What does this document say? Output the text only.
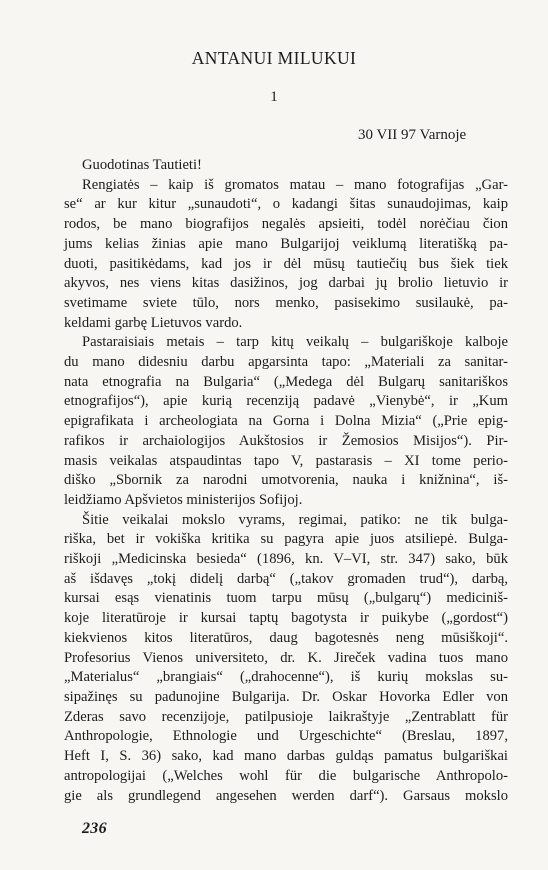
ANTANUI MILUKUI
1
30 VII 97 Varnoje

Guodotinas Tautieti!

Rengiatės – kaip iš gromatos matau – mano fotografijas „Gar-
se“ ar kur kitur „sunaudoti“, o kadangi šitas sunaudojimas, kaip
rodos, be mano biografijos negalės apsieiti, todėl norėčiau čion
jums kelias žinias apie mano Bulgarijoj veiklumą literatišką pa-
duoti, pasitikėdams, kad jos ir dėl mūsų tautiečių bus šiek tiek
akyvos, nes viens kitas dasižinos, jog darbai jų brolio lietuvio ir
svetimame sviete tūlo, nors menko, pasisekimo susilaukė, pa-
keldami garbę Lietuvos vardo.
Pastaraisiais metais – tarp kitų veikalų – bulgariškoje kalboje
du mano didesniu darbu apgarsinta tapo: „Materiali za sanitar-
nata etnografia na Bulgaria“ („Medega dėl Bulgarų sanitariškos
etnografijos“), apie kurią recenziją padavė „Vienybė“, ir „Kum
epigrafikata i archeologiata na Gorna i Dolna Mizia“ („Prie epig-
rafikos ir archaiologijos Aukštosios ir Žemosios Misijos“). Pir-
masis veikalas atspaudintas tapo V, pastarasis – XI tome perio-
diško „Sbornik za narodni umotvorenia, nauka i knižnina“, iš-
leidžiamo Apšvietos ministerijos Sofijoj.
Šitie veikalai mokslo vyrams, regimai, patiko: ne tik bulga-
riška, bet ir vokiška kritika su pagyra apie juos atsiliepė. Bulga-
riškoji „Medicinska besieda“ (1896, kn. V–VI, str. 347) sako, būk
aš išdavęs „tokį didelį darbą“ („takov gromaden trud“), darbą,
kursai esąs vienatinis tuom tarpu mūsų („bulgarų“) mediciniš-
koje literatūroje ir kursai taptų bagotysta ir puikybe („gordost“)
kiekvienos kitos literatūros, daug bagotesnės neng mūsiškoji“.
Profesorius Vienos universiteto, dr. K. Jireček vadina tuos mano
„Materialus“ „brangiais“ („drahocenne“), iš kurių mokslas su-
sipažinęs su padunojine Bulgarija. Dr. Oskar Hovorka Edler von
Zderas savo recenzijoje, patilpusioje laikraštyje „Zentrablatt für
Anthropologie, Ethnologie und Urgeschichte“ (Breslau, 1897,
Heft I, S. 36) sako, kad mano darbas guldąs pamatus bulgariškai
antropologijai („Welches wohl für die bulgarische Anthropolo-
gie als grundlegend angesehen werden darf“). Garsaus mokslo
236
